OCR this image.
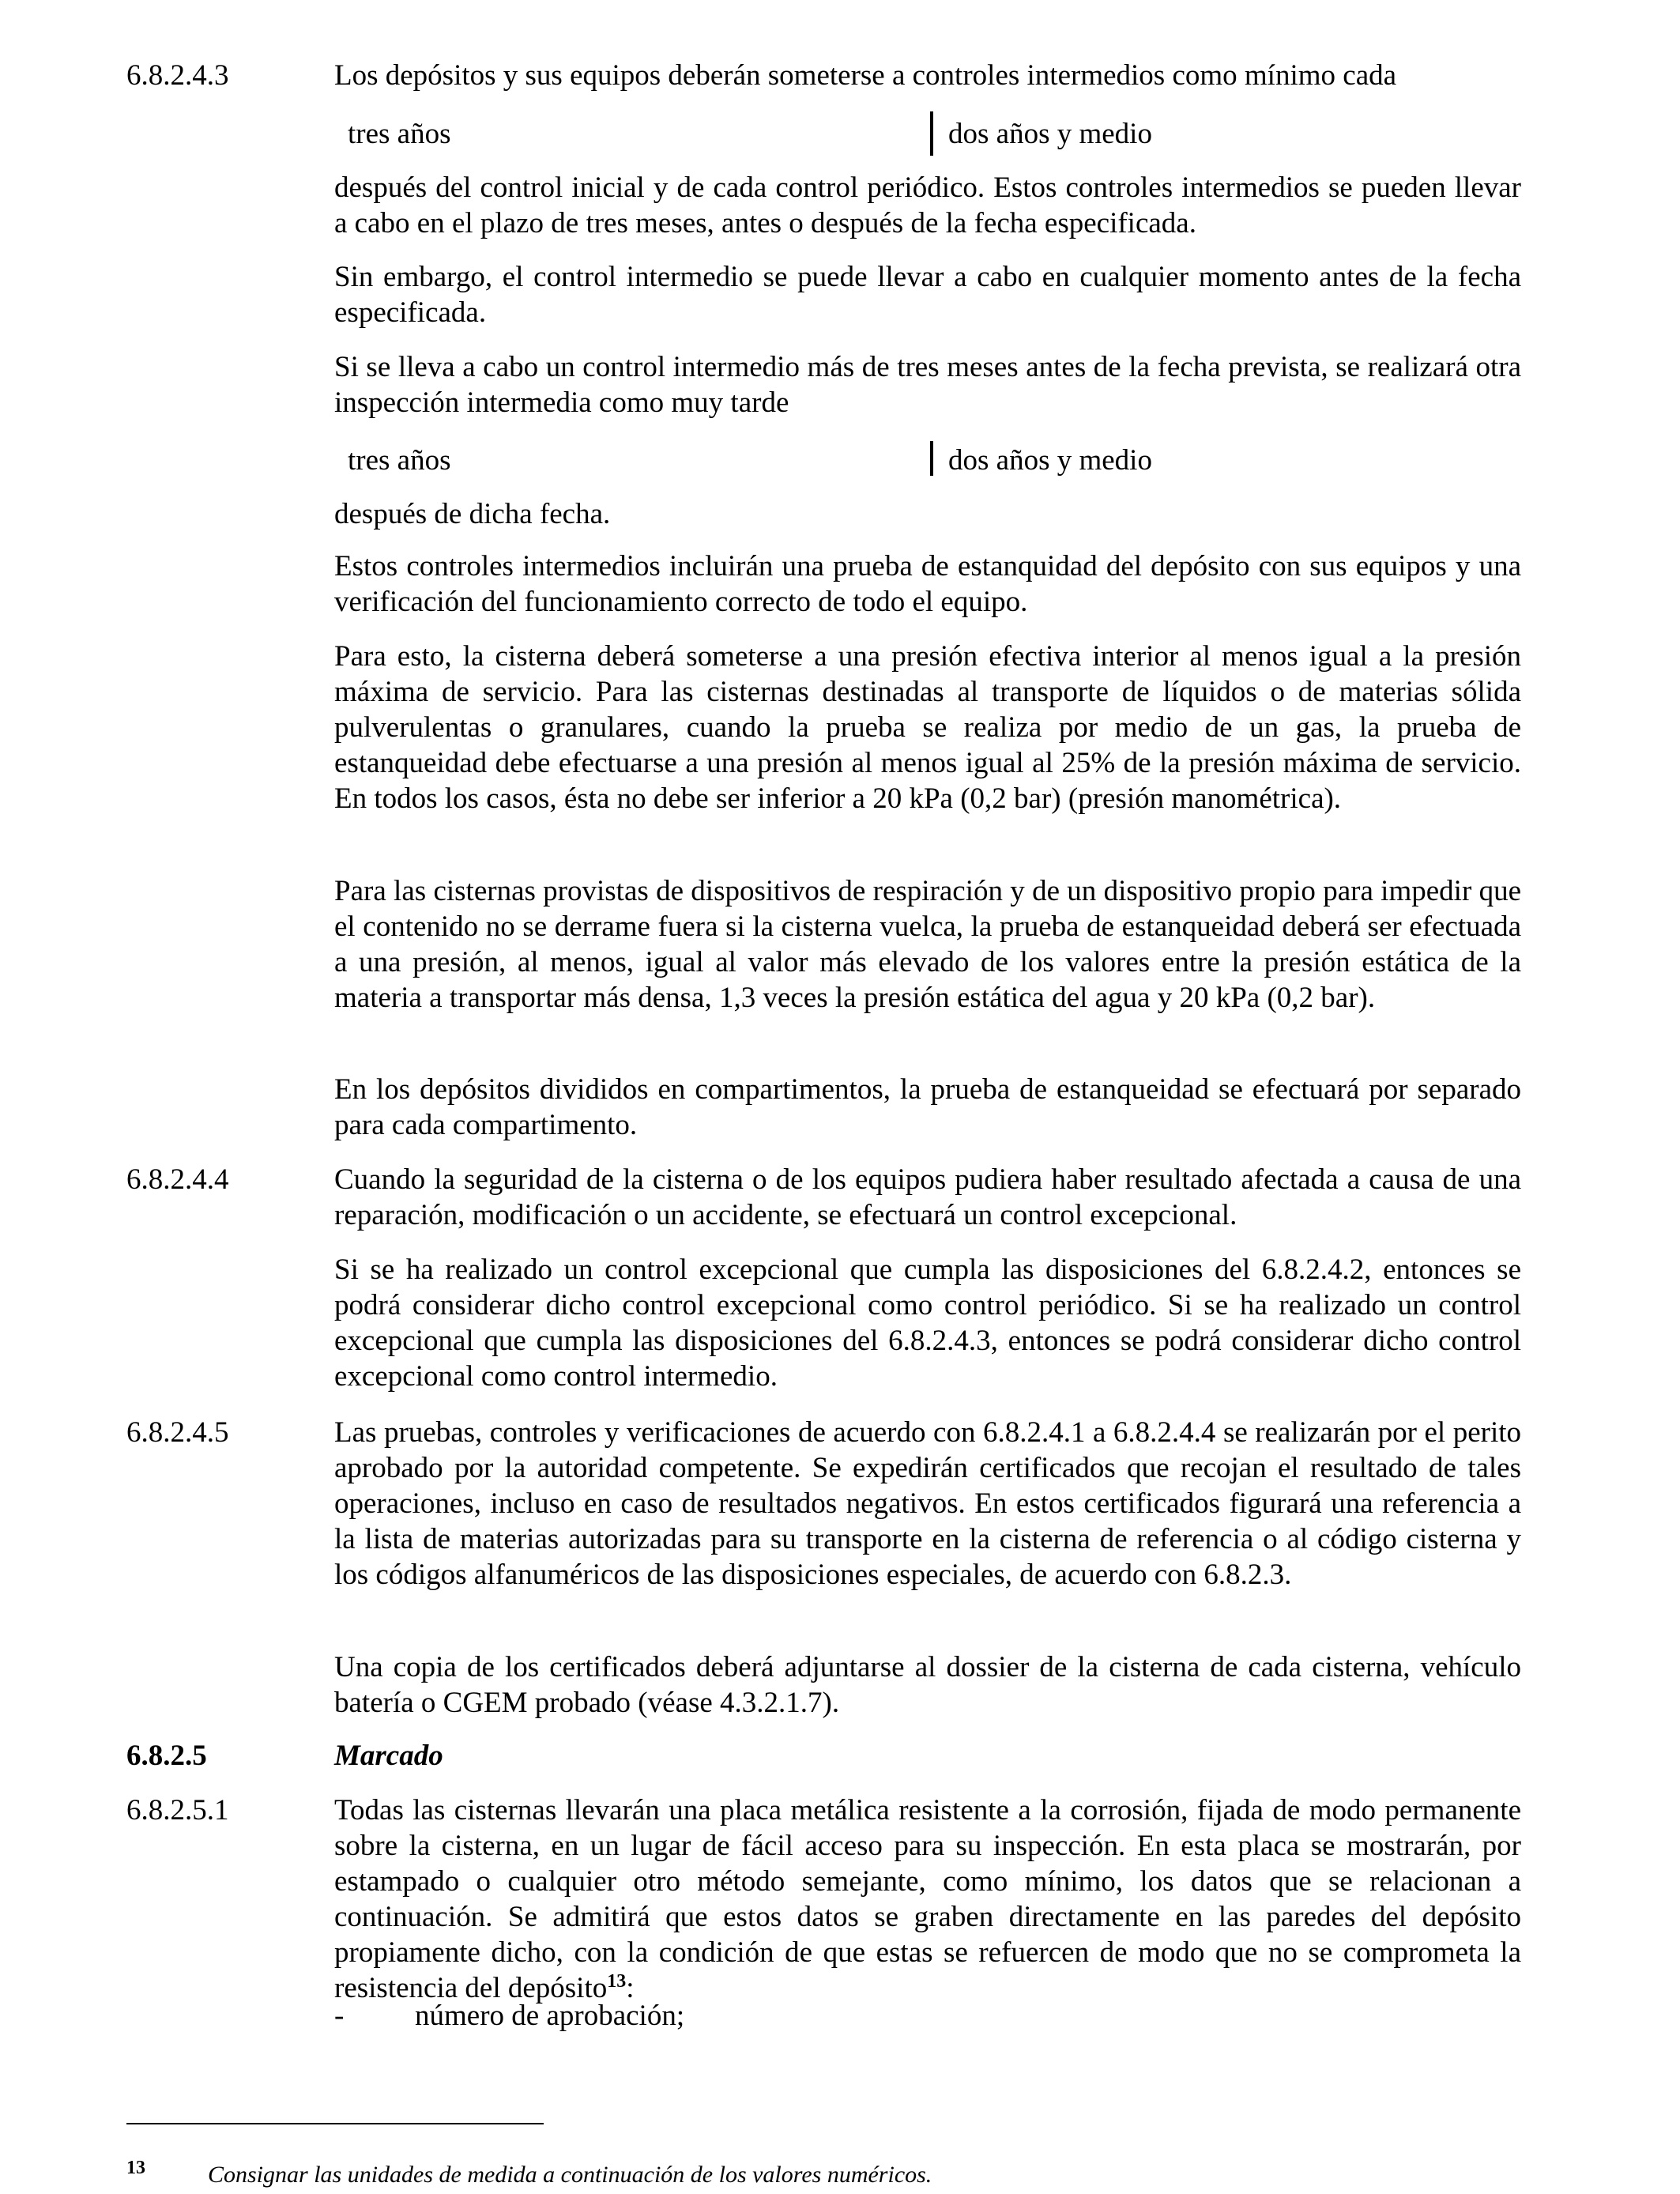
6.8.2.4.3	Los depósitos y sus equipos deberán someterse a controles intermedios como mínimo cada
tres años	dos años y medio
después del control inicial y de cada control periódico. Estos controles intermedios se pueden llevar a cabo en el plazo de tres meses, antes o después de la fecha especificada.
Sin embargo, el control intermedio se puede llevar a cabo en cualquier momento antes de la fecha especificada.
Si se lleva a cabo un control intermedio más de tres meses antes de la fecha prevista, se realizará otra inspección intermedia como muy tarde
tres años	dos años y medio
después de dicha fecha.
Estos controles intermedios incluirán una prueba de estanquidad del depósito con sus equipos y una verificación del funcionamiento correcto de todo el equipo.
Para esto, la cisterna deberá someterse a una presión efectiva interior al menos igual a la presión máxima de servicio. Para las cisternas destinadas al transporte de líquidos o de materias sólida pulverulentas o granulares, cuando la prueba se realiza por medio de un gas, la prueba de estanqueidad debe efectuarse a una presión al menos igual al 25% de la presión máxima de servicio. En todos los casos, ésta no debe ser inferior a 20 kPa (0,2 bar) (presión manométrica).
Para las cisternas provistas de dispositivos de respiración y de un dispositivo propio para impedir que el contenido no se derrame fuera si la cisterna vuelca, la prueba de estanqueidad deberá ser efectuada a una presión, al menos, igual al valor más elevado de los valores entre la presión estática de la materia a transportar más densa, 1,3 veces la presión estática del agua y 20 kPa (0,2 bar).
En los depósitos divididos en compartimentos, la prueba de estanqueidad se efectuará por separado para cada compartimento.
6.8.2.4.4	Cuando la seguridad de la cisterna o de los equipos pudiera haber resultado afectada a causa de una reparación, modificación o un accidente, se efectuará un control excepcional.
Si se ha realizado un control excepcional que cumpla las disposiciones del 6.8.2.4.2, entonces se podrá considerar dicho control excepcional como control periódico. Si se ha realizado un control excepcional que cumpla las disposiciones del 6.8.2.4.3, entonces se podrá considerar dicho control excepcional como control intermedio.
6.8.2.4.5	Las pruebas, controles y verificaciones de acuerdo con 6.8.2.4.1 a 6.8.2.4.4 se realizarán por el perito aprobado por la autoridad competente. Se expedirán certificados que recojan el resultado de tales operaciones, incluso en caso de resultados negativos. En estos certificados figurará una referencia a la lista de materias autorizadas para su transporte en la cisterna de referencia o al código cisterna y los códigos alfanuméricos de las disposiciones especiales, de acuerdo con 6.8.2.3.
Una copia de los certificados deberá adjuntarse al dossier de la cisterna de cada cisterna, vehículo batería o CGEM probado (véase 4.3.2.1.7).
6.8.2.5	Marcado
6.8.2.5.1	Todas las cisternas llevarán una placa metálica resistente a la corrosión, fijada de modo permanente sobre la cisterna, en un lugar de fácil acceso para su inspección. En esta placa se mostrarán, por estampado o cualquier otro método semejante, como mínimo, los datos que se relacionan a continuación. Se admitirá que estos datos se graben directamente en las paredes del depósito propiamente dicho, con la condición de que estas se refuercen de modo que no se comprometa la resistencia del depósito$^{13}$:
- número de aprobación;
13	Consignar las unidades de medida a continuación de los valores numéricos.
